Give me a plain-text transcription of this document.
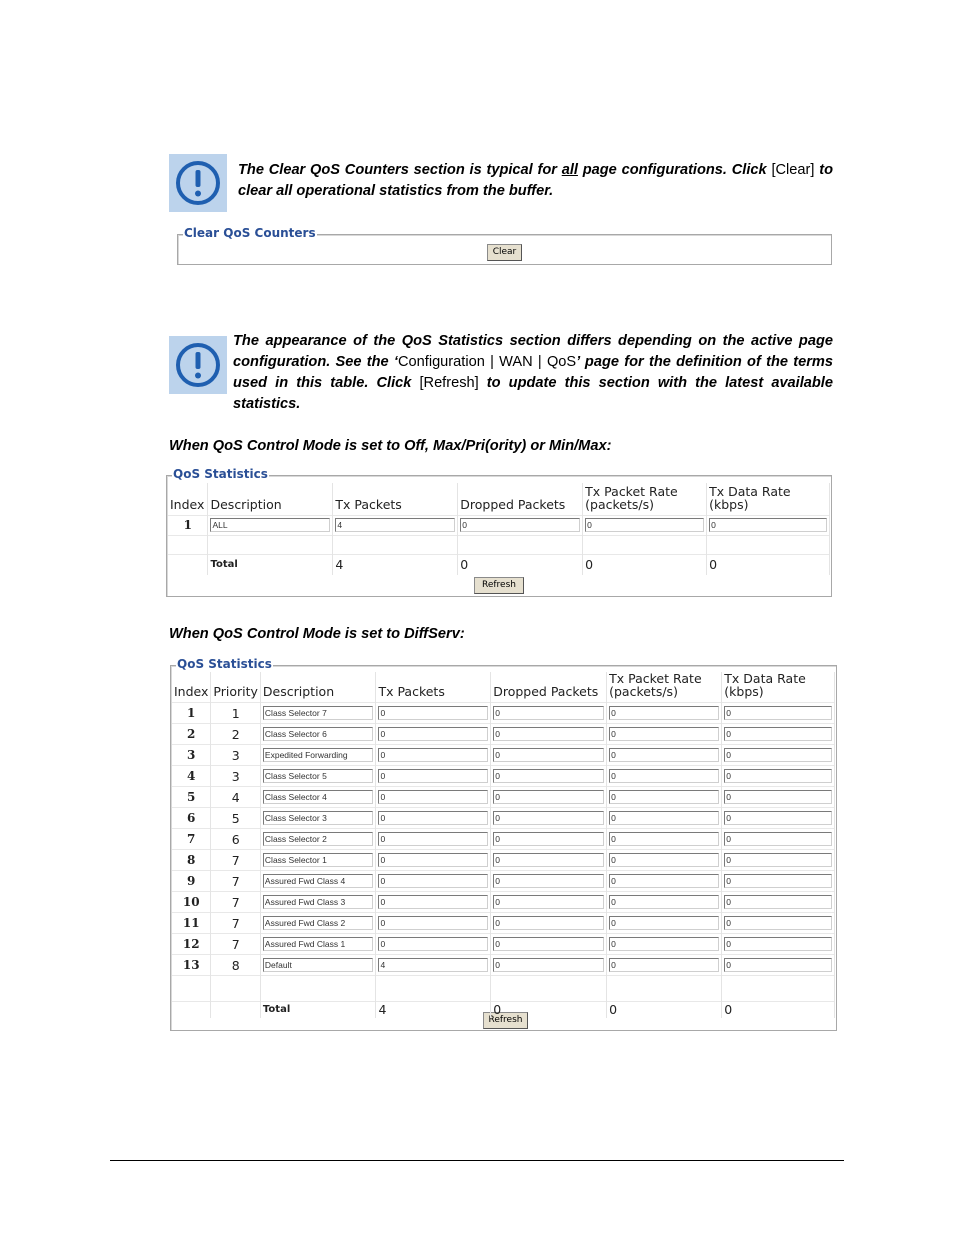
The Clear QoS Counters section is typical for all page configurations. Click [Clear] to clear all operational statistics from the buffer.
Clear QoS Counters
Clear
The appearance of the QoS Statistics section differs depending on the active page configuration. See the ‘Configuration | WAN | QoS’ page for the definition of the terms used in this table. Click [Refresh] to update this section with the latest available statistics.
When QoS Control Mode is set to Off, Max/Pri(ority) or Min/Max:
QoS Statistics
Refresh
Index	Description	Tx Packets	Dropped Packets	Tx Packet Rate (packets/s)	Tx Data Rate (kbps)
1	ALL	4	0	0	0

	Total	4	0	0	0
When QoS Control Mode is set to DiffServ:
QoS Statistics
Refresh
Index	Priority	Description	Tx Packets	Dropped Packets	Tx Packet Rate (packets/s)	Tx Data Rate (kbps)
1	1	Class Selector 7	0	0	0	0

2	2	Class Selector 6	0	0	0	0

3	3	Expedited Forwarding	0	0	0	0

4	3	Class Selector 5	0	0	0	0

5	4	Class Selector 4	0	0	0	0

6	5	Class Selector 3	0	0	0	0

7	6	Class Selector 2	0	0	0	0

8	7	Class Selector 1	0	0	0	0

9	7	Assured Fwd Class 4	0	0	0	0

10	7	Assured Fwd Class 3	0	0	0	0

11	7	Assured Fwd Class 2	0	0	0	0

12	7	Assured Fwd Class 1	0	0	0	0

13	8	Default	4	0	0	0

		Total	4	0	0	0
